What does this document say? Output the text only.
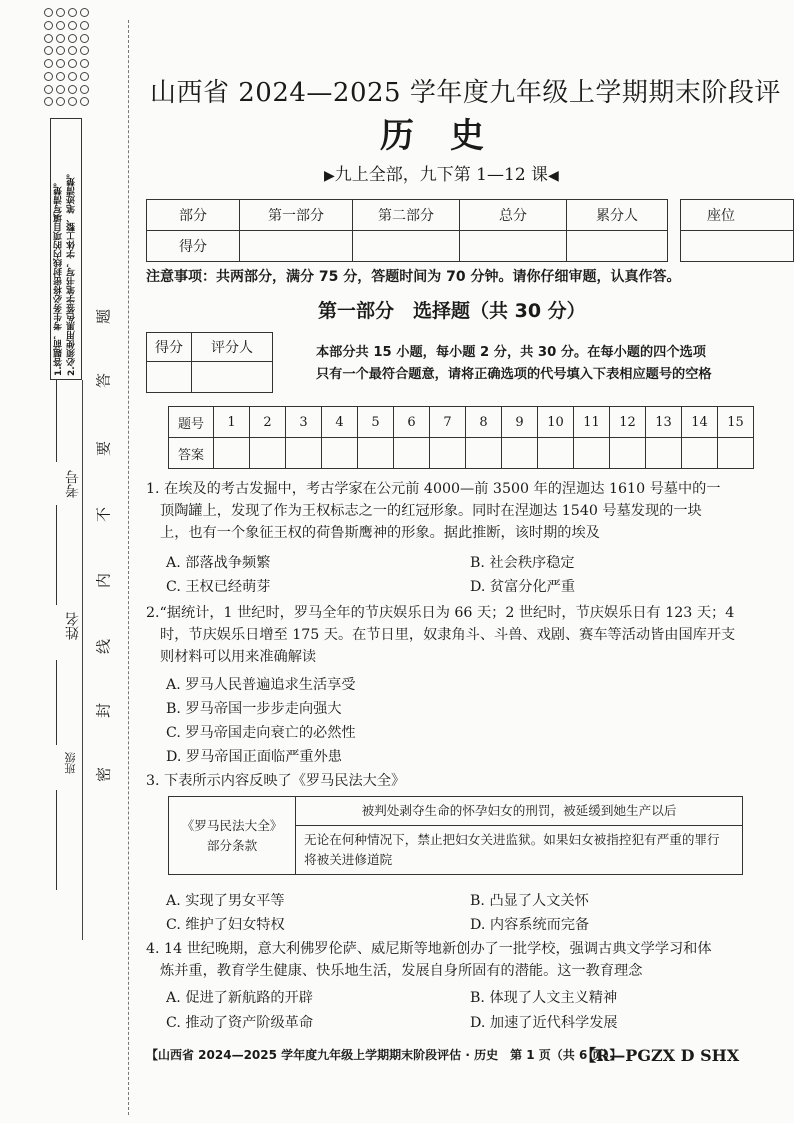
1.答题前，考生务必将密封线内的项目填写清楚。 2.必须使用黑色签字笔书写，字体工整、笔迹清楚。
考号
姓名
班级
题
答
要
不
内
线
封
密
山西省 2024—2025 学年度九年级上学期期末阶段评
历史
▶九上全部，九下第 1—12 课◀
部分	第一部分	第二部分	总分	累分人
得分				
座位

注意事项：共两部分，满分 75 分，答题时间为 70 分钟。请你仔细审题，认真作答。
第一部分　选择题（共 30 分）
得分	评分人
		本部分共 15 小题，每小题 2 分，共 30 分。在每小题的四个选项
只有一个最符合题意，请将正确选项的代号填入下表相应题号的空格
题号	1	2	3	4	5	6	7	8	9	10	11	12	13	14	15
答案															
1. 在埃及的考古发掘中，考古学家在公元前 4000—前 3500 年的涅迦达 1610 号墓中的一
顶陶罐上，发现了作为王权标志之一的红冠形象。同时在涅迦达 1540 号墓发现的一块
上，也有一个象征王权的荷鲁斯鹰神的形象。据此推断，该时期的埃及
A. 部落战争频繁	B. 社会秩序稳定
C. 王权已经萌芽	D. 贫富分化严重
2.“据统计，1 世纪时，罗马全年的节庆娱乐日为 66 天；2 世纪时，节庆娱乐日有 123 天；4
时，节庆娱乐日增至 175 天。在节日里，奴隶角斗、斗兽、戏剧、赛车等活动皆由国库开支
则材料可以用来准确解读
A. 罗马人民普遍追求生活享受
B. 罗马帝国一步步走向强大
C. 罗马帝国走向衰亡的必然性
D. 罗马帝国正面临严重外患
3. 下表所示内容反映了《罗马民法大全》
《罗马民法大全》
部分条款
	被判处剥夺生命的怀孕妇女的刑罚，被延缓到她生产以后

无论在何种情况下，禁止把妇女关进监狱。如果妇女被指控犯有严重的罪行
将被关进修道院
A. 实现了男女平等	B. 凸显了人文关怀
C. 维护了妇女特权	D. 内容系统而完备
4. 14 世纪晚期，意大利佛罗伦萨、威尼斯等地新创办了一批学校，强调古典文学学习和体
炼并重，教育学生健康、快乐地生活，发展自身所固有的潜能。这一教育理念
A. 促进了新航路的开辟	B. 体现了人文主义精神
C. 推动了资产阶级革命	D. 加速了近代科学发展
【山西省 2024—2025 学年度九年级上学期期末阶段评估 · 历史　第 1 页（共 6 页）】
【R—PGZX D SHX
